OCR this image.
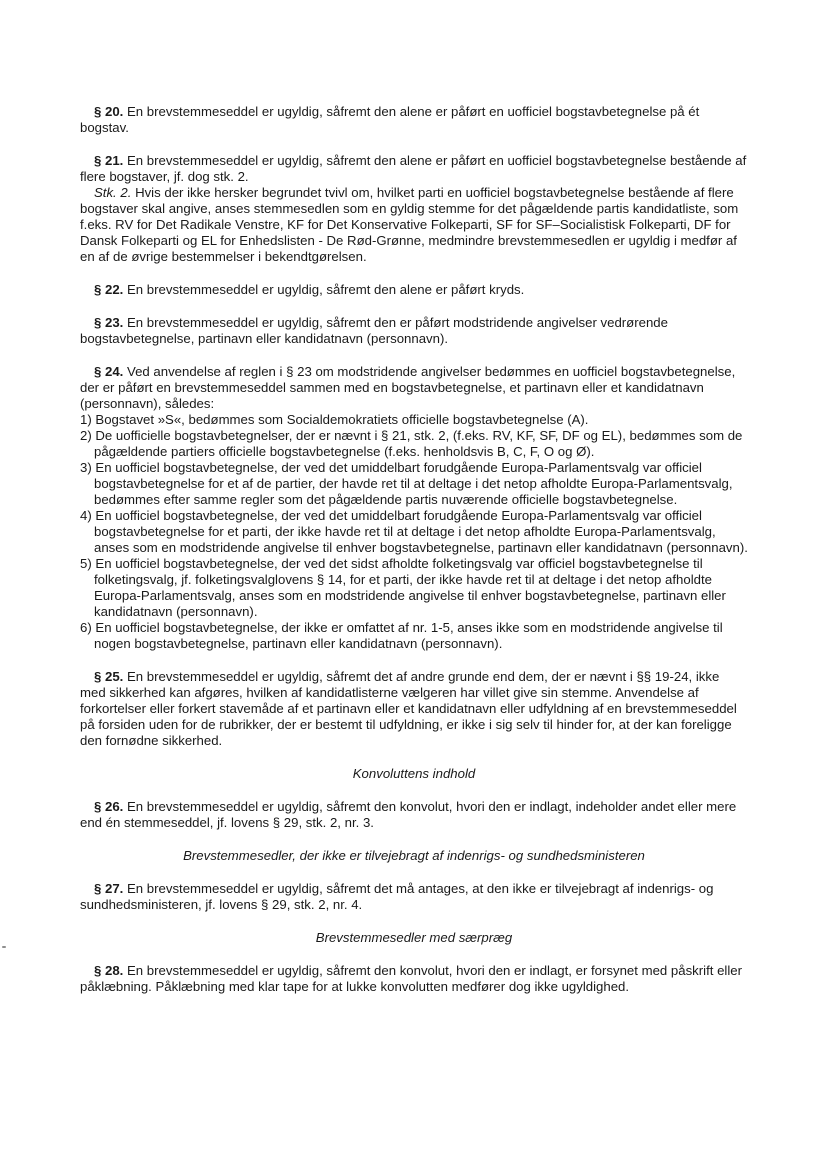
§ 20. En brevstemmeseddel er ugyldig, såfremt den alene er påført en uofficiel bogstavbetegnelse på ét bogstav.

§ 21. En brevstemmeseddel er ugyldig, såfremt den alene er påført en uofficiel bogstavbetegnelse bestående af flere bogstaver, jf. dog stk. 2.

Stk. 2. Hvis der ikke hersker begrundet tvivl om, hvilket parti en uofficiel bogstavbetegnelse bestående af flere bogstaver skal angive, anses stemmesedlen som en gyldig stemme for det pågældende partis kandidatliste, som f.eks. RV for Det Radikale Venstre, KF for Det Konservative Folkeparti, SF for SF–Socialistisk Folkeparti, DF for Dansk Folkeparti og EL for Enhedslisten - De Rød-Grønne, medmindre brevstemmesedlen er ugyldig i medfør af en af de øvrige bestemmelser i bekendtgørelsen.

§ 22. En brevstemmeseddel er ugyldig, såfremt den alene er påført kryds.

§ 23. En brevstemmeseddel er ugyldig, såfremt den er påført modstridende angivelser vedrørende bogstavbetegnelse, partinavn eller kandidatnavn (personnavn).

§ 24. Ved anvendelse af reglen i § 23 om modstridende angivelser bedømmes en uofficiel bogstavbetegnelse, der er påført en brevstemmeseddel sammen med en bogstavbetegnelse, et partinavn eller et kandidatnavn (personnavn), således:

1) Bogstavet »S«, bedømmes som Socialdemokratiets officielle bogstavbetegnelse (A).
2) De uofficielle bogstavbetegnelser, der er nævnt i § 21, stk. 2, (f.eks. RV, KF, SF, DF og EL), bedømmes som de pågældende partiers officielle bogstavbetegnelse (f.eks. henholdsvis B, C, F, O og Ø).
3) En uofficiel bogstavbetegnelse, der ved det umiddelbart forudgående Europa-Parlamentsvalg var officiel bogstavbetegnelse for et af de partier, der havde ret til at deltage i det netop afholdte Europa-Parlamentsvalg, bedømmes efter samme regler som det pågældende partis nuværende officielle bogstavbetegnelse.
4) En uofficiel bogstavbetegnelse, der ved det umiddelbart forudgående Europa-Parlamentsvalg var officiel bogstavbetegnelse for et parti, der ikke havde ret til at deltage i det netop afholdte Europa-Parlamentsvalg, anses som en modstridende angivelse til enhver bogstavbetegnelse, partinavn eller kandidatnavn (personnavn).
5) En uofficiel bogstavbetegnelse, der ved det sidst afholdte folketingsvalg var officiel bogstavbetegnelse til folketingsvalg, jf. folketingsvalglovens § 14, for et parti, der ikke havde ret til at deltage i det netop afholdte Europa-Parlamentsvalg, anses som en modstridende angivelse til enhver bogstavbetegnelse, partinavn eller kandidatnavn (personnavn).
6) En uofficiel bogstavbetegnelse, der ikke er omfattet af nr. 1-5, anses ikke som en modstridende angivelse til nogen bogstavbetegnelse, partinavn eller kandidatnavn (personnavn).

§ 25. En brevstemmeseddel er ugyldig, såfremt det af andre grunde end dem, der er nævnt i §§ 19-24, ikke med sikkerhed kan afgøres, hvilken af kandidatlisterne vælgeren har villet give sin stemme. Anvendelse af forkortelser eller forkert stavemåde af et partinavn eller et kandidatnavn eller udfyldning af en brevstemmeseddel på forsiden uden for de rubrikker, der er bestemt til udfyldning, er ikke i sig selv til hinder for, at der kan foreligge den fornødne sikkerhed.

Konvoluttens indhold

§ 26. En brevstemmeseddel er ugyldig, såfremt den konvolut, hvori den er indlagt, indeholder andet eller mere end én stemmeseddel, jf. lovens § 29, stk. 2, nr. 3.

Brevstemmesedler, der ikke er tilvejebragt af indenrigs- og sundhedsministeren

§ 27. En brevstemmeseddel er ugyldig, såfremt det må antages, at den ikke er tilvejebragt af indenrigs- og sundhedsministeren, jf. lovens § 29, stk. 2, nr. 4.

Brevstemmesedler med særpræg

§ 28. En brevstemmeseddel er ugyldig, såfremt den konvolut, hvori den er indlagt, er forsynet med påskrift eller påklæbning. Påklæbning med klar tape for at lukke konvolutten medfører dog ikke ugyldighed.
